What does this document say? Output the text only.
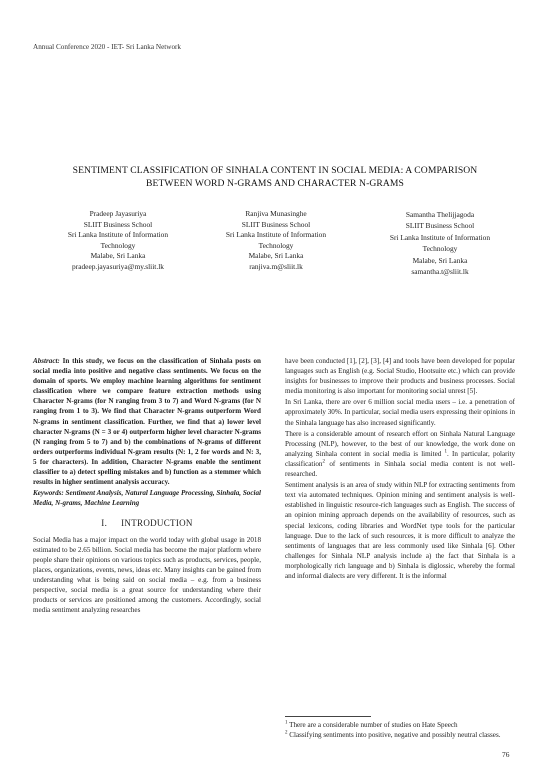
Annual Conference 2020 - IET- Sri Lanka Network
SENTIMENT CLASSIFICATION OF SINHALA CONTENT IN SOCIAL MEDIA: A COMPARISON
BETWEEN WORD N-GRAMS AND CHARACTER N-GRAMS
Pradeep Jayasuriya
SLIIT Business School
Sri Lanka Institute of Information
Technology
Malabe, Sri Lanka
pradeep.jayasuriya@my.sliit.lk
Ranjiva Munasinghe
SLIIT Business School
Sri Lanka Institute of Information
Technology
Malabe, Sri Lanka
ranjiva.m@sliit.lk
Samantha Thelijjagoda
SLIIT Business School
Sri Lanka Institute of Information
Technology
Malabe, Sri Lanka
samantha.t@sliit.lk

Abstract: In this study, we focus on the classification of Sinhala posts on social media into positive and negative class sentiments. We focus on the domain of sports. We employ machine learning algorithms for sentiment classification where we compare feature extraction methods using Character N-grams (for N ranging from 3 to 7) and Word N-grams (for N ranging from 1 to 3). We find that Character N-grams outperform Word N-grams in sentiment classification. Further, we find that a) lower level character N-grams (N = 3 or 4) outperform higher level character N-grams (N ranging from 5 to 7) and b) the combinations of N-grams of different orders outperforms individual N-gram results (N: 1, 2 for words and N: 3, 5 for characters). In addition, Character N-grams enable the sentiment classifier to a) detect spelling mistakes and b) function as a stemmer which results in higher sentiment analysis accuracy.

Keywords: Sentiment Analysis, Natural Language Processing, Sinhala, Social Media, N-grams, Machine Learning

I. INTRODUCTION

Social Media has a major impact on the world today with global usage in 2018 estimated to be 2.65 billion. Social media has become the major platform where people share their opinions on various topics such as products, services, people, places, organizations, events, news, ideas etc. Many insights can be gained from understanding what is being said on social media – e.g. from a business perspective, social media is a great source for understanding where their products or services are positioned among the customers. Accordingly, social media sentiment analyzing researches

have been conducted [1], [2], [3], [4] and tools have been developed for popular languages such as English (e.g. Social Studio, Hootsuite etc.) which can provide insights for businesses to improve their products and business processes. Social media monitoring is also important for monitoring social unrest [5].

In Sri Lanka, there are over 6 million social media users – i.e. a penetration of approximately 30%. In particular, social media users expressing their opinions in the Sinhala language has also increased significantly.

There is a considerable amount of research effort on Sinhala Natural Language Processing (NLP), however, to the best of our knowledge, the work done on analyzing Sinhala content in social media is limited $^1$. In particular, polarity classification$^2$ of sentiments in Sinhala social media content is not well-researched.

Sentiment analysis is an area of study within NLP for extracting sentiments from text via automated techniques. Opinion mining and sentiment analysis is well-established in linguistic resource-rich languages such as English. The success of an opinion mining approach depends on the availability of resources, such as special lexicons, coding libraries and WordNet type tools for the particular language. Due to the lack of such resources, it is more difficult to analyze the sentiments of languages that are less commonly used like Sinhala [6]. Other challenges for Sinhala NLP analysis include a) the fact that Sinhala is a morphologically rich language and b) Sinhala is diglossic, whereby the formal and informal dialects are very different. It is the informal

$^1$ There are a considerable number of studies on Hate Speech
$^2$ Classifying sentiments into positive, negative and possibly neutral classes.
76
